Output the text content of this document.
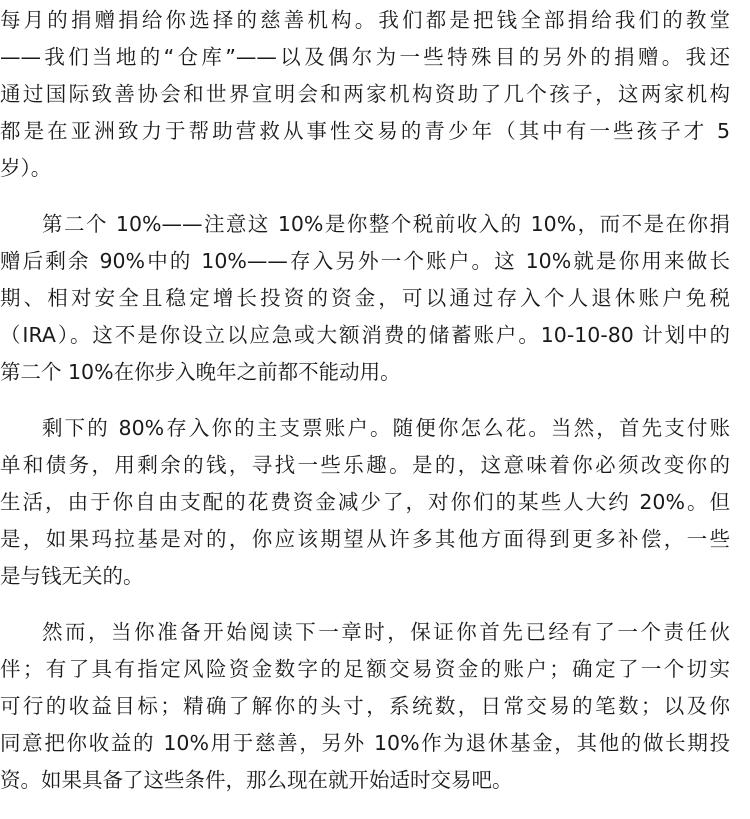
每月的捐赠捐给你选择的慈善机构。我们都是把钱全部捐给我们的教堂
——我们当地的“仓库”——以及偶尔为一些特殊目的另外的捐赠。我还
通过国际致善协会和世界宣明会和两家机构资助了几个孩子，这两家机构
都是在亚洲致力于帮助营救从事性交易的青少年（其中有一些孩子才 5
岁）。
第二个 10%——注意这 10%是你整个税前收入的 10%，而不是在你捐
赠后剩余 90%中的 10%——存入另外一个账户。这 10%就是你用来做长
期、相对安全且稳定增长投资的资金，可以通过存入个人退休账户免税
（IRA）。这不是你设立以应急或大额消费的储蓄账户。10-10-80 计划中的
第二个 10%在你步入晚年之前都不能动用。
剩下的 80%存入你的主支票账户。随便你怎么花。当然，首先支付账
单和债务，用剩余的钱，寻找一些乐趣。是的，这意味着你必须改变你的
生活，由于你自由支配的花费资金减少了，对你们的某些人大约 20%。但
是，如果玛拉基是对的，你应该期望从许多其他方面得到更多补偿，一些
是与钱无关的。
然而，当你准备开始阅读下一章时，保证你首先已经有了一个责任伙
伴；有了具有指定风险资金数字的足额交易资金的账户；确定了一个切实
可行的收益目标；精确了解你的头寸，系统数，日常交易的笔数；以及你
同意把你收益的 10%用于慈善，另外 10%作为退休基金，其他的做长期投
资。如果具备了这些条件，那么现在就开始适时交易吧。
